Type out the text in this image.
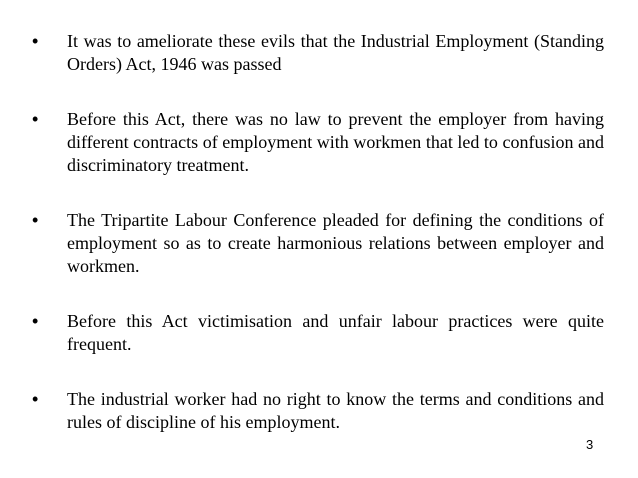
• It was to ameliorate these evils that the Industrial Employment (Standing Orders) Act, 1946 was passed
• Before this Act, there was no law to prevent the employer from having different contracts of employment with workmen that led to confusion and discriminatory treatment.
• The Tripartite Labour Conference pleaded for defining the conditions of employment so as to create harmonious relations between employer and workmen.
• Before this Act victimisation and unfair labour practices were quite frequent.
• The industrial worker had no right to know the terms and conditions and rules of discipline of his employment.
3
